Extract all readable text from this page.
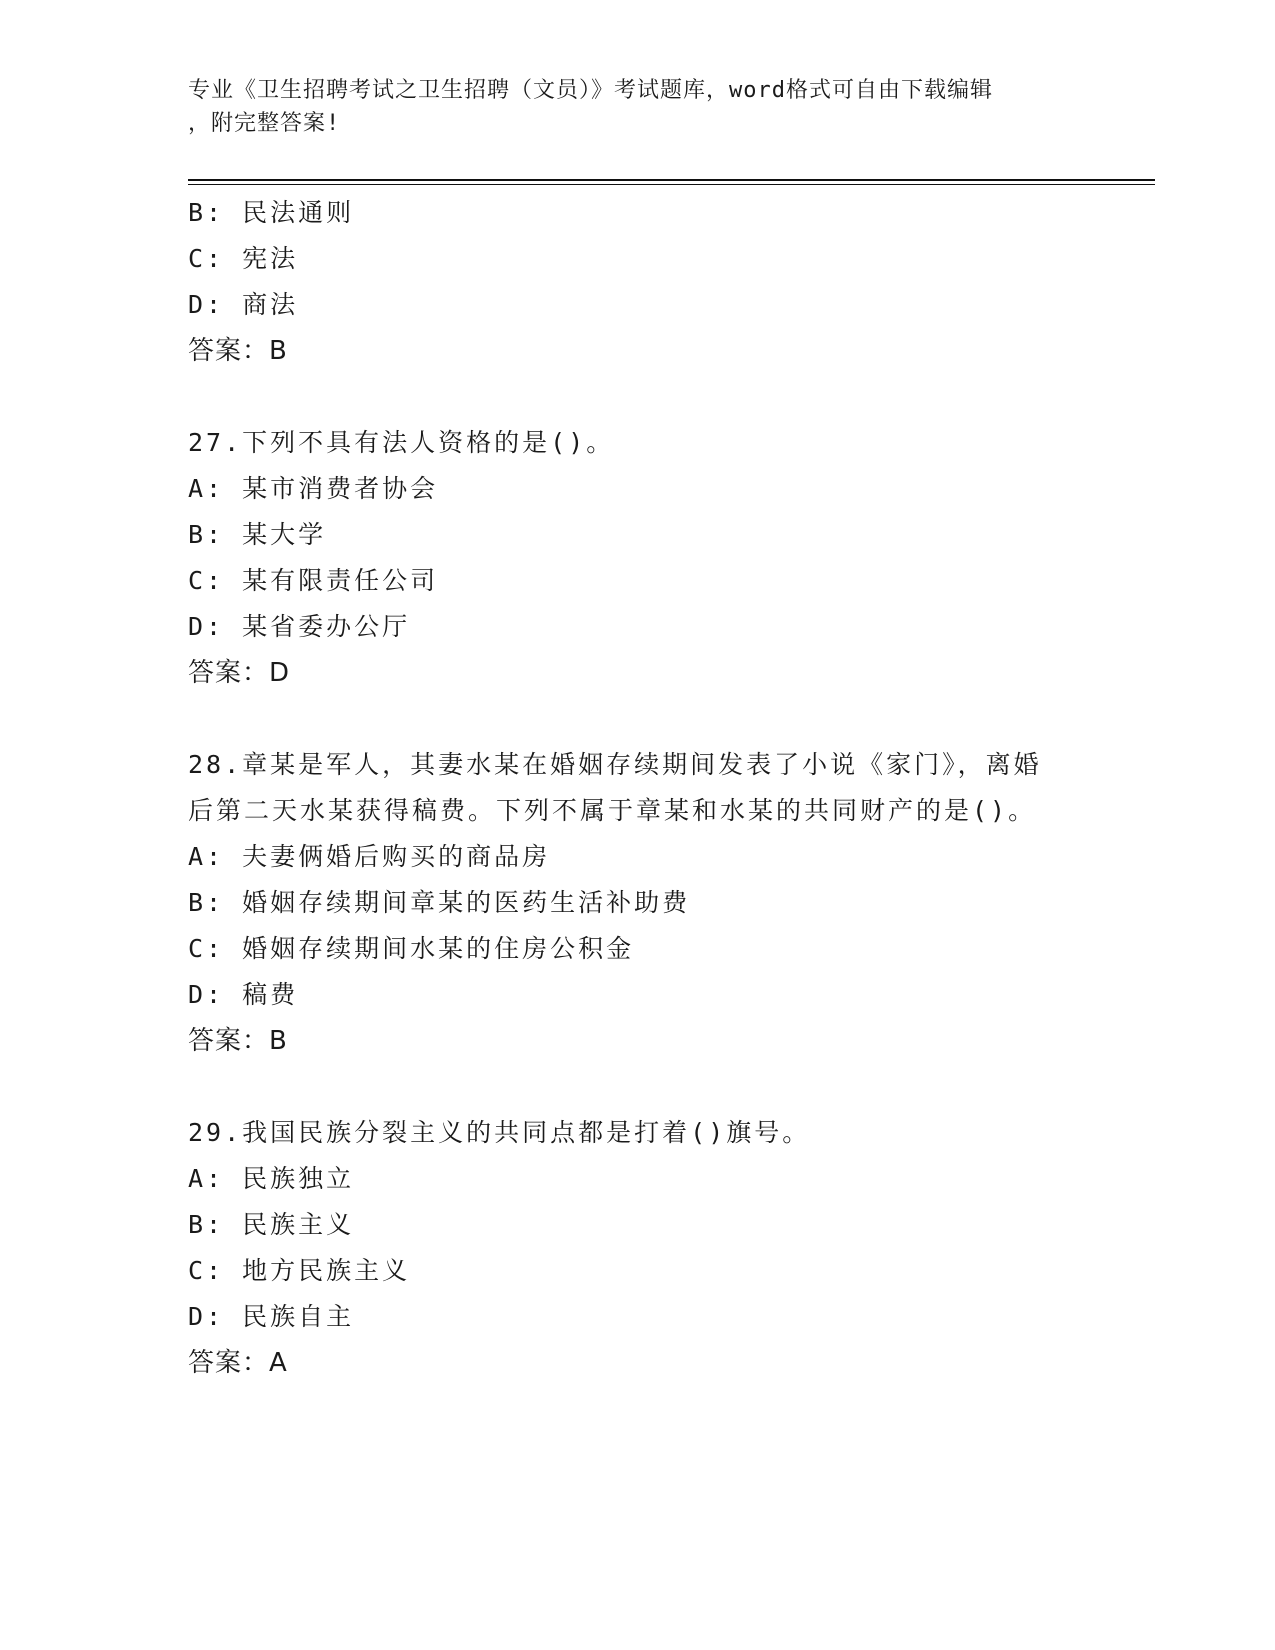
专业《卫生招聘考试之卫生招聘（文员）》考试题库，word格式可自由下载编辑
，附完整答案!
B: 民法通则
C: 宪法
D: 商法
答案：B
27.下列不具有法人资格的是()。
A: 某市消费者协会
B: 某大学
C: 某有限责任公司
D: 某省委办公厅
答案：D
28.章某是军人，其妻水某在婚姻存续期间发表了小说《家门》，离婚
后第二天水某获得稿费。下列不属于章某和水某的共同财产的是()。
A: 夫妻俩婚后购买的商品房
B: 婚姻存续期间章某的医药生活补助费
C: 婚姻存续期间水某的住房公积金
D: 稿费
答案：B
29.我国民族分裂主义的共同点都是打着()旗号。
A: 民族独立
B: 民族主义
C: 地方民族主义
D: 民族自主
答案：A
